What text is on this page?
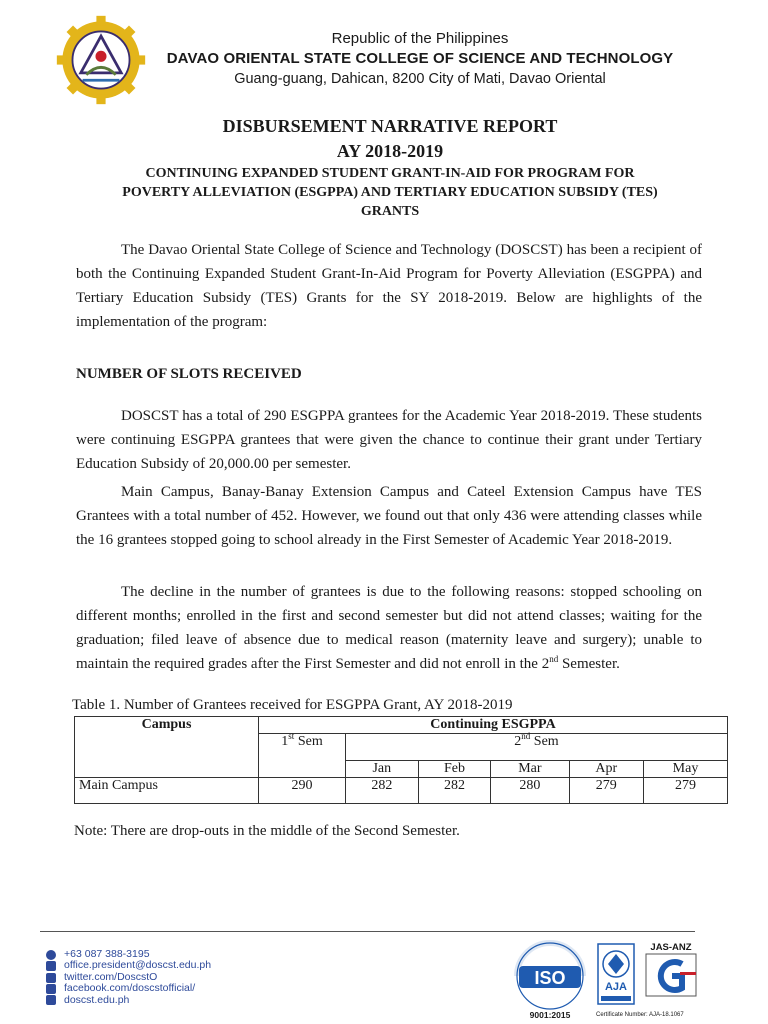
Republic of the Philippines
DAVAO ORIENTAL STATE COLLEGE OF SCIENCE AND TECHNOLOGY
Guang-guang, Dahican, 8200 City of Mati, Davao Oriental
DISBURSEMENT NARRATIVE REPORT
AY 2018-2019
CONTINUING EXPANDED STUDENT GRANT-IN-AID FOR PROGRAM FOR
POVERTY ALLEVIATION (ESGPPA) AND TERTIARY EDUCATION SUBSIDY (TES)
GRANTS
The Davao Oriental State College of Science and Technology (DOSCST) has been a recipient of both the Continuing Expanded Student Grant-In-Aid Program for Poverty Alleviation (ESGPPA) and Tertiary Education Subsidy (TES) Grants for the SY 2018-2019. Below are highlights of the implementation of the program:
NUMBER OF SLOTS RECEIVED
DOSCST has a total of 290 ESGPPA grantees for the Academic Year 2018-2019. These students were continuing ESGPPA grantees that were given the chance to continue their grant under Tertiary Education Subsidy of 20,000.00 per semester.
Main Campus, Banay-Banay Extension Campus and Cateel Extension Campus have TES Grantees with a total number of 452. However, we found out that only 436 were attending classes while the 16 grantees stopped going to school already in the First Semester of Academic Year 2018-2019.
The decline in the number of grantees is due to the following reasons: stopped schooling on different months; enrolled in the first and second semester but did not attend classes; waiting for the graduation; filed leave of absence due to medical reason (maternity leave and surgery); unable to maintain the required grades after the First Semester and did not enroll in the 2nd Semester.
Table 1. Number of Grantees received for ESGPPA Grant, AY 2018-2019
Campus	Continuing ESGPPA					
	1st Sem	2nd Sem				
		Jan	Feb	Mar	Apr	May
Main Campus	290	282	282	280	279	279
Note: There are drop-outs in the middle of the Second Semester.
+63 087 388-3195
office.president@doscst.edu.ph
twitter.com/DoscstO
facebook.com/doscstofficial/
doscst.edu.ph
ISO
9001:2015
AJA
JAS-ANZ
Certificate Number: AJA-18.1067
